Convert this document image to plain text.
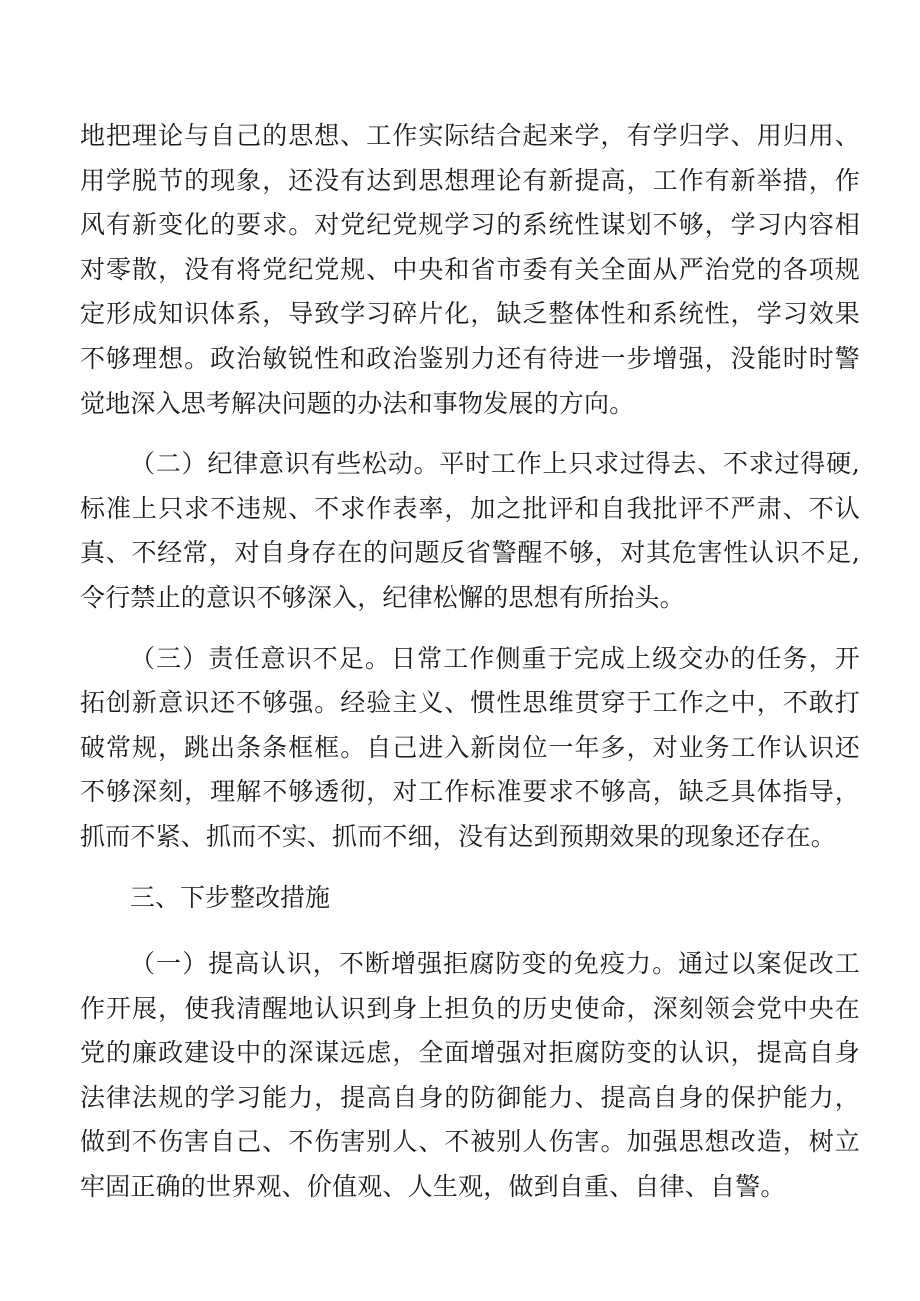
地把理论与自己的思想、工作实际结合起来学，有学归学、用归用、用学脱节的现象，还没有达到思想理论有新提高，工作有新举措，作风有新变化的要求。对党纪党规学习的系统性谋划不够，学习内容相对零散，没有将党纪党规、中央和省市委有关全面从严治党的各项规定形成知识体系，导致学习碎片化，缺乏整体性和系统性，学习效果不够理想。政治敏锐性和政治鉴别力还有待进一步增强，没能时时警觉地深入思考解决问题的办法和事物发展的方向。

（二）纪律意识有些松动。平时工作上只求过得去、不求过得硬,标准上只求不违规、不求作表率，加之批评和自我批评不严肃、不认真、不经常，对自身存在的问题反省警醒不够，对其危害性认识不足,令行禁止的意识不够深入，纪律松懈的思想有所抬头。

（三）责任意识不足。日常工作侧重于完成上级交办的任务，开拓创新意识还不够强。经验主义、惯性思维贯穿于工作之中，不敢打破常规，跳出条条框框。自己进入新岗位一年多，对业务工作认识还不够深刻，理解不够透彻，对工作标准要求不够高，缺乏具体指导，抓而不紧、抓而不实、抓而不细，没有达到预期效果的现象还存在。

三、下步整改措施

（一）提高认识，不断增强拒腐防变的免疫力。通过以案促改工作开展，使我清醒地认识到身上担负的历史使命，深刻领会党中央在党的廉政建设中的深谋远虑，全面增强对拒腐防变的认识，提高自身法律法规的学习能力，提高自身的防御能力、提高自身的保护能力，做到不伤害自己、不伤害别人、不被别人伤害。加强思想改造，树立牢固正确的世界观、价值观、人生观，做到自重、自律、自警。
